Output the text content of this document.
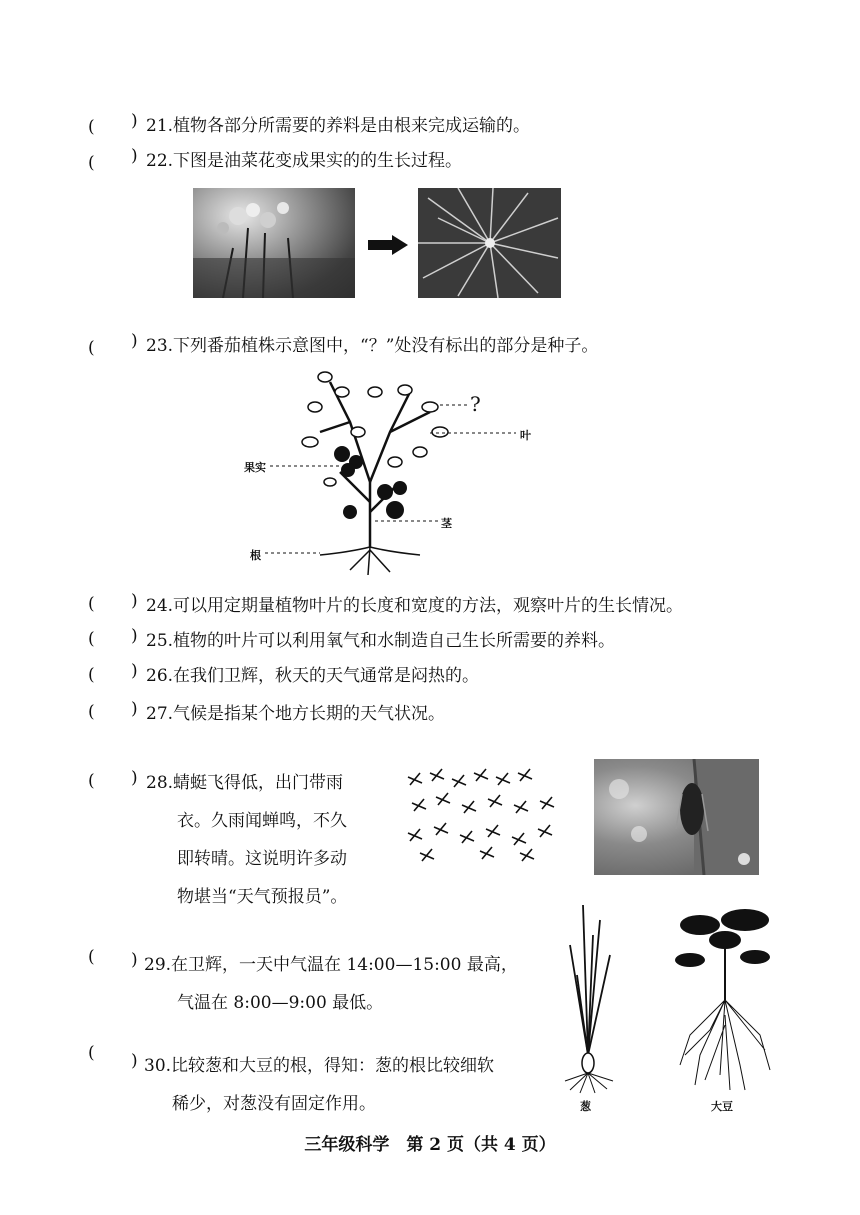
( ) 21.植物各部分所需要的养料是由根来完成运输的。
( ) 22.下图是油菜花变成果实的的生长过程。
( ) 23.下列番茄植株示意图中，“？”处没有标出的部分是种子。
?
叶
果实
茎
根
( ) 24.可以用定期量植物叶片的长度和宽度的方法，观察叶片的生长情况。
( ) 25.植物的叶片可以利用氧气和水制造自己生长所需要的养料。
( ) 26.在我们卫辉，秋天的天气通常是闷热的。
( ) 27.气候是指某个地方长期的天气状况。
( ) 28.蜻蜓飞得低，出门带雨
衣。久雨闻蝉鸣，不久
即转晴。这说明许多动
物堪当“天气预报员”。
( ) 29.在卫辉，一天中气温在 14:00—15:00 最高，
气温在 8:00—9:00 最低。
( ) 30.比较葱和大豆的根，得知：葱的根比较细软
稀少，对葱没有固定作用。	葱	大豆
三年级科学　第 2 页（共 4 页）
